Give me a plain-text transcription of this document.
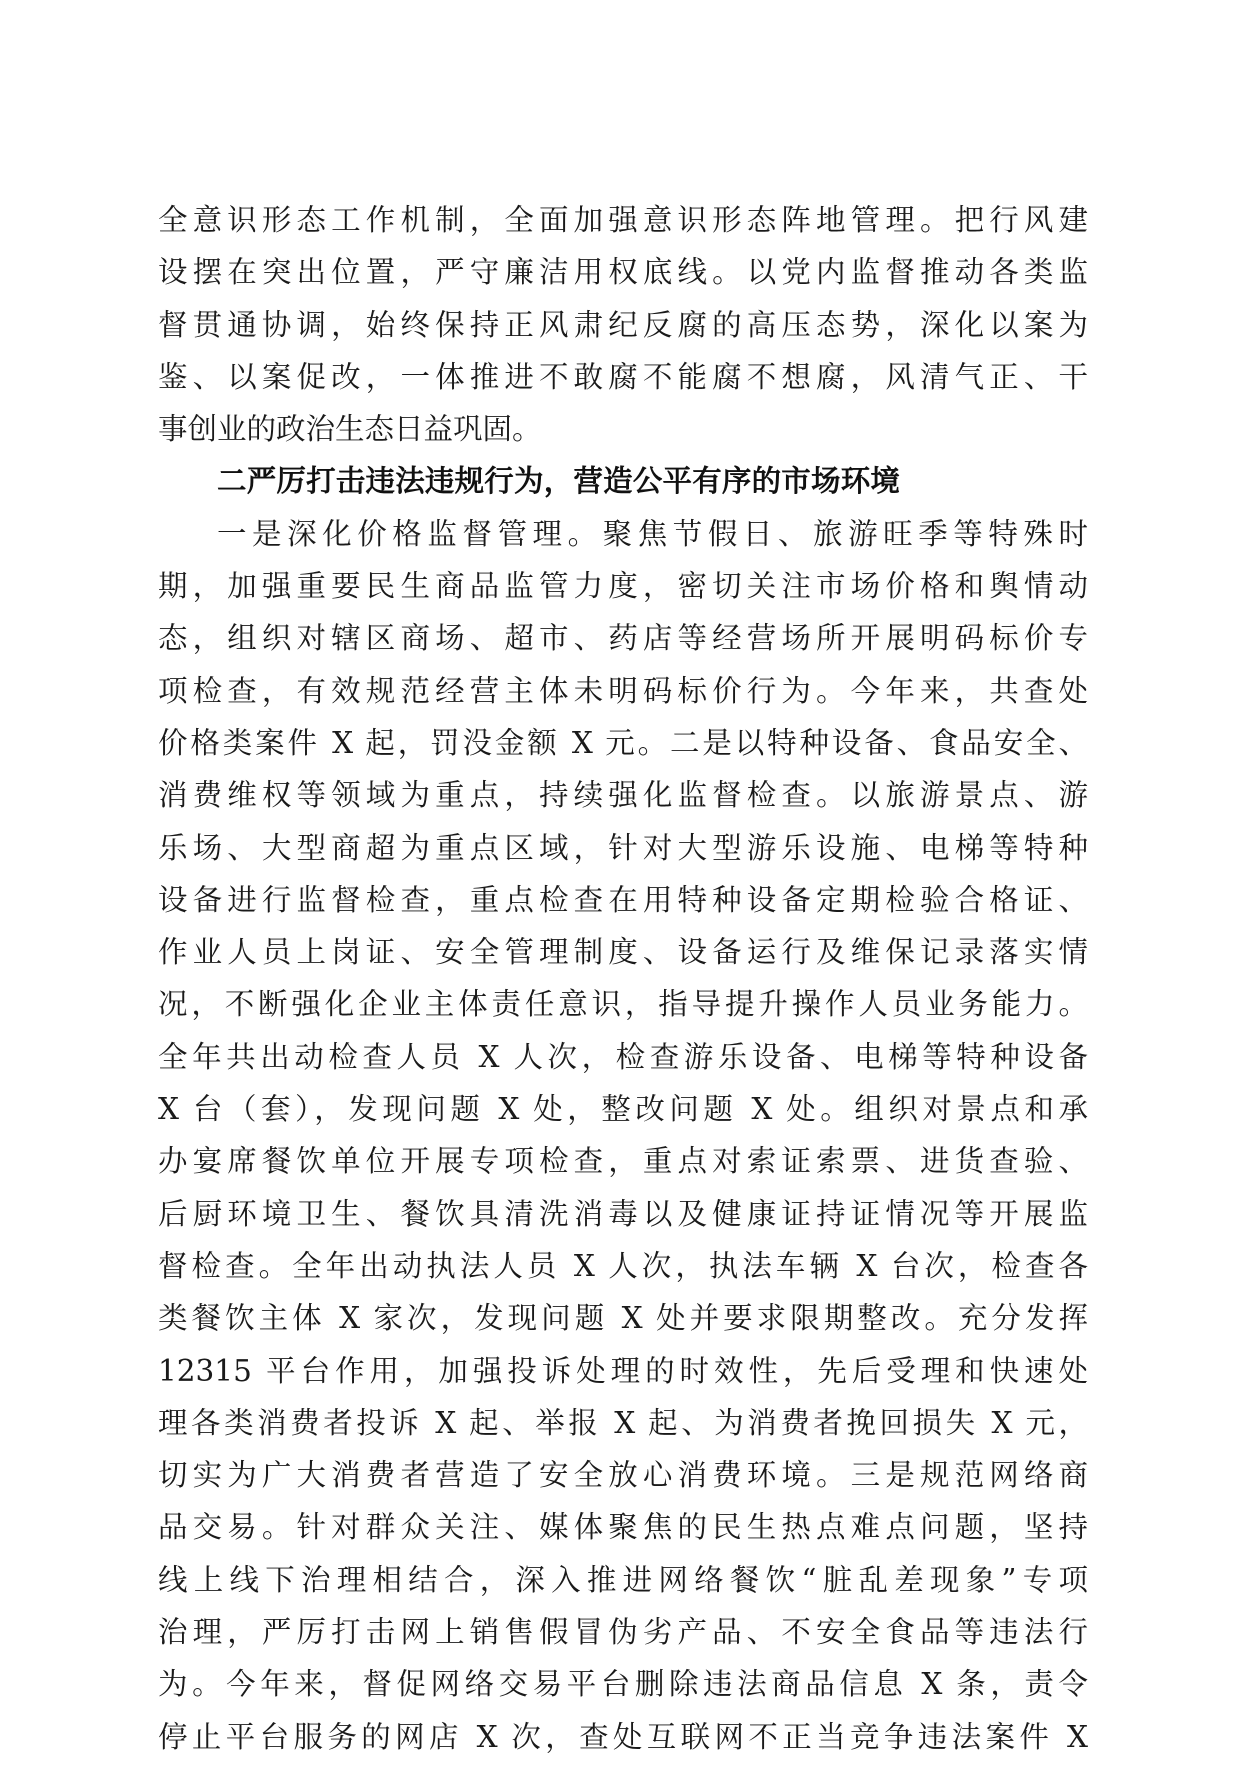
全意识形态工作机制，全面加强意识形态阵地管理。把行风建
设摆在突出位置，严守廉洁用权底线。以党内监督推动各类监
督贯通协调，始终保持正风肃纪反腐的高压态势，深化以案为
鉴、以案促改，一体推进不敢腐不能腐不想腐，风清气正、干
事创业的政治生态日益巩固。
二严厉打击违法违规行为，营造公平有序的市场环境
一是深化价格监督管理。聚焦节假日、旅游旺季等特殊时
期，加强重要民生商品监管力度，密切关注市场价格和舆情动
态，组织对辖区商场、超市、药店等经营场所开展明码标价专
项检查，有效规范经营主体未明码标价行为。今年来，共查处
价格类案件 X 起，罚没金额 X 元。二是以特种设备、食品安全、
消费维权等领域为重点，持续强化监督检查。以旅游景点、游
乐场、大型商超为重点区域，针对大型游乐设施、电梯等特种
设备进行监督检查，重点检查在用特种设备定期检验合格证、
作业人员上岗证、安全管理制度、设备运行及维保记录落实情
况，不断强化企业主体责任意识，指导提升操作人员业务能力。
全年共出动检查人员 X 人次，检查游乐设备、电梯等特种设备
X 台（套），发现问题 X 处，整改问题 X 处。组织对景点和承
办宴席餐饮单位开展专项检查，重点对索证索票、进货查验、
后厨环境卫生、餐饮具清洗消毒以及健康证持证情况等开展监
督检查。全年出动执法人员 X 人次，执法车辆 X 台次，检查各
类餐饮主体 X 家次，发现问题 X 处并要求限期整改。充分发挥
12315 平台作用，加强投诉处理的时效性，先后受理和快速处
理各类消费者投诉 X 起、举报 X 起、为消费者挽回损失 X 元，
切实为广大消费者营造了安全放心消费环境。三是规范网络商
品交易。针对群众关注、媒体聚焦的民生热点难点问题，坚持
线上线下治理相结合，深入推进网络餐饮“脏乱差现象”专项
治理，严厉打击网上销售假冒伪劣产品、不安全食品等违法行
为。今年来，督促网络交易平台删除违法商品信息 X 条，责令
停止平台服务的网店 X 次，查处互联网不正当竞争违法案件 X
